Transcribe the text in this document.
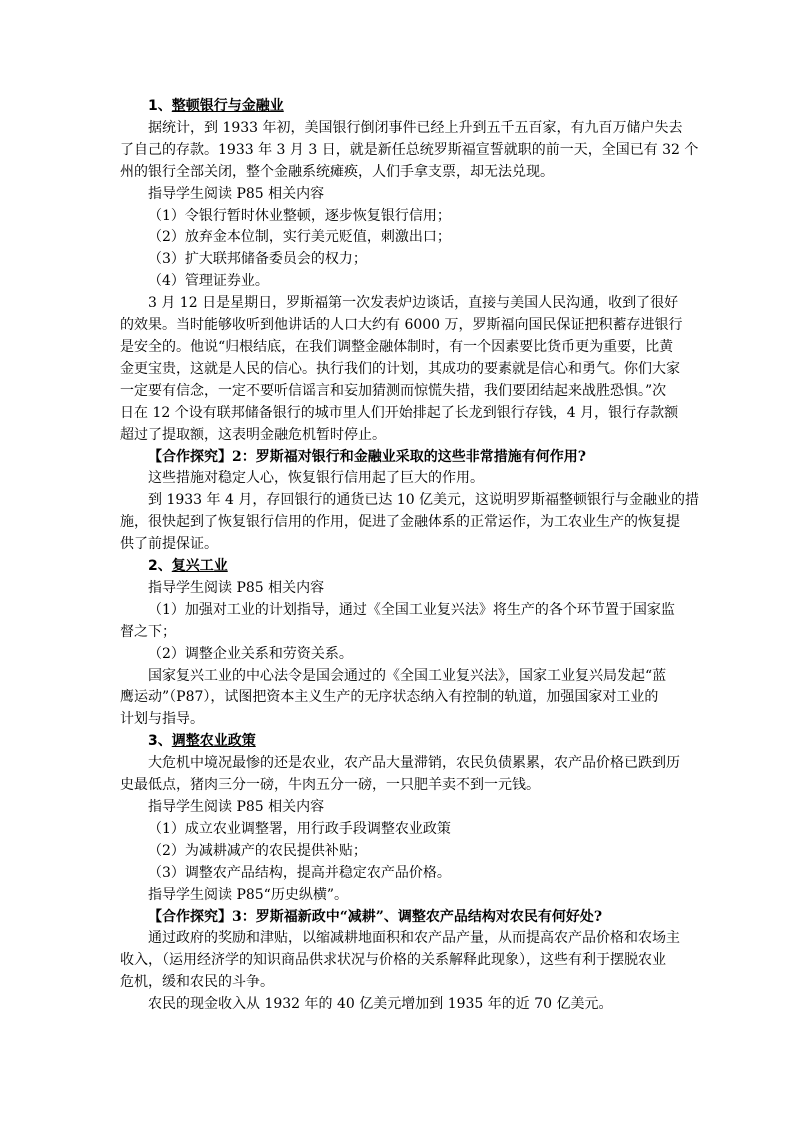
1、整顿银行与金融业

据统计，到 1933 年初，美国银行倒闭事件已经上升到五千五百家，有九百万储户失去

了自己的存款。1933 年 3 月 3 日，就是新任总统罗斯福宣誓就职的前一天，全国已有 32 个

州的银行全部关闭，整个金融系统瘫痪，人们手拿支票，却无法兑现。

指导学生阅读 P85 相关内容

（1）令银行暂时休业整顿，逐步恢复银行信用；

（2）放弃金本位制，实行美元贬值，刺激出口；

（3）扩大联邦储备委员会的权力；

（4）管理证券业。

3 月 12 日是星期日，罗斯福第一次发表炉边谈话，直接与美国人民沟通，收到了很好

的效果。当时能够收听到他讲话的人口大约有 6000 万，罗斯福向国民保证把积蓄存进银行

是安全的。他说“归根结底，在我们调整金融体制时，有一个因素要比货币更为重要，比黄

金更宝贵，这就是人民的信心。执行我们的计划，其成功的要素就是信心和勇气。你们大家

一定要有信念，一定不要听信谣言和妄加猜测而惊慌失措，我们要团结起来战胜恐惧。”次

日在 12 个设有联邦储备银行的城市里人们开始排起了长龙到银行存钱，4 月，银行存款额

超过了提取额，这表明金融危机暂时停止。

【合作探究】2：罗斯福对银行和金融业采取的这些非常措施有何作用?

这些措施对稳定人心，恢复银行信用起了巨大的作用。

到 1933 年 4 月，存回银行的通货已达 10 亿美元，这说明罗斯福整顿银行与金融业的措

施，很快起到了恢复银行信用的作用，促进了金融体系的正常运作，为工农业生产的恢复提

供了前提保证。

2、复兴工业

指导学生阅读 P85 相关内容

（1）加强对工业的计划指导，通过《全国工业复兴法》将生产的各个环节置于国家监

督之下；

（2）调整企业关系和劳资关系。

国家复兴工业的中心法令是国会通过的《全国工业复兴法》，国家工业复兴局发起“蓝

鹰运动”（P87），试图把资本主义生产的无序状态纳入有控制的轨道，加强国家对工业的

计划与指导。

3、调整农业政策

大危机中境况最惨的还是农业，农产品大量滞销，农民负债累累，农产品价格已跌到历

史最低点，猪肉三分一磅，牛肉五分一磅，一只肥羊卖不到一元钱。

指导学生阅读 P85 相关内容

（1）成立农业调整署，用行政手段调整农业政策

（2）为减耕减产的农民提供补贴；

（3）调整农产品结构，提高并稳定农产品价格。

指导学生阅读 P85“历史纵横”。

【合作探究】3：罗斯福新政中“减耕”、调整农产品结构对农民有何好处?

通过政府的奖励和津贴，以缩减耕地面积和农产品产量，从而提高农产品价格和农场主

收入，（运用经济学的知识商品供求状况与价格的关系解释此现象），这些有利于摆脱农业

危机，缓和农民的斗争。

农民的现金收入从 1932 年的 40 亿美元增加到 1935 年的近 70 亿美元。
